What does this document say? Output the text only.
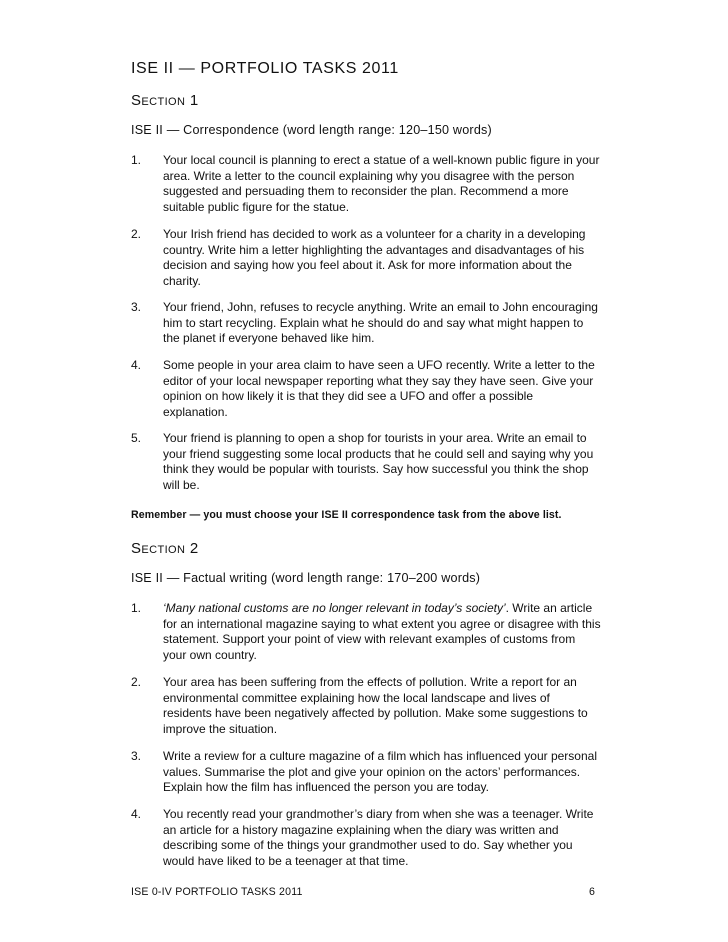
ISE II — PORTFOLIO TASKS 2011
Section 1
ISE II — Correspondence (word length range: 120–150 words)
1. Your local council is planning to erect a statue of a well-known public figure in your area. Write a letter to the council explaining why you disagree with the person suggested and persuading them to reconsider the plan. Recommend a more suitable public figure for the statue.
2. Your Irish friend has decided to work as a volunteer for a charity in a developing country. Write him a letter highlighting the advantages and disadvantages of his decision and saying how you feel about it. Ask for more information about the charity.
3. Your friend, John, refuses to recycle anything. Write an email to John encouraging him to start recycling. Explain what he should do and say what might happen to the planet if everyone behaved like him.
4. Some people in your area claim to have seen a UFO recently. Write a letter to the editor of your local newspaper reporting what they say they have seen. Give your opinion on how likely it is that they did see a UFO and offer a possible explanation.
5. Your friend is planning to open a shop for tourists in your area. Write an email to your friend suggesting some local products that he could sell and saying why you think they would be popular with tourists. Say how successful you think the shop will be.
Remember — you must choose your ISE II correspondence task from the above list.
Section 2
ISE II — Factual writing (word length range: 170–200 words)
1. ‘Many national customs are no longer relevant in today’s society’. Write an article for an international magazine saying to what extent you agree or disagree with this statement. Support your point of view with relevant examples of customs from your own country.
2. Your area has been suffering from the effects of pollution. Write a report for an environmental committee explaining how the local landscape and lives of residents have been negatively affected by pollution. Make some suggestions to improve the situation.
3. Write a review for a culture magazine of a film which has influenced your personal values. Summarise the plot and give your opinion on the actors’ performances. Explain how the film has influenced the person you are today.
4. You recently read your grandmother’s diary from when she was a teenager. Write an article for a history magazine explaining when the diary was written and describing some of the things your grandmother used to do. Say whether you would have liked to be a teenager at that time.
ISE 0-IV PORTFOLIO TASKS 2011	6
